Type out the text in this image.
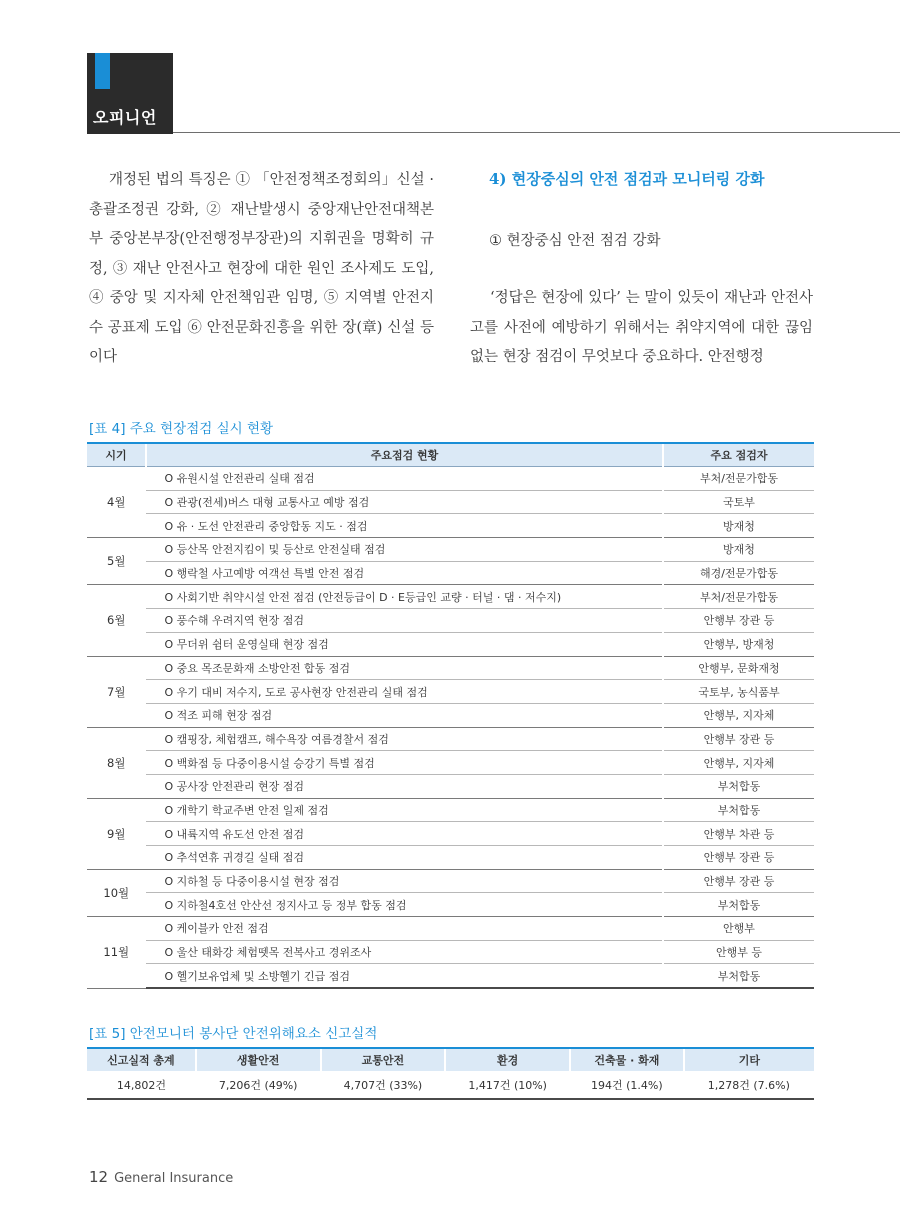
오피니언

개정된 법의 특징은 ① 「안전정책조정회의」신설 · 총괄조정권 강화, ② 재난발생시 중앙재난안전대책본부 중앙본부장(안전행정부장관)의 지휘권을 명확히 규정, ③ 재난 안전사고 현장에 대한 원인 조사제도 도입, ④ 중앙 및 지자체 안전책임관 임명, ⑤ 지역별 안전지수 공표제 도입 ⑥ 안전문화진흥을 위한 장(章) 신설 등이다

4) 현장중심의 안전 점검과 모니터링 강화
① 현장중심 안전 점검 강화

‘정답은 현장에 있다’ 는 말이 있듯이 재난과 안전사고를 사전에 예방하기 위해서는 취약지역에 대한 끊임없는 현장 점검이 무엇보다 중요하다. 안전행정

[표 4] 주요 현장점검 실시 현황
시기	주요점검 현황	주요 점검자
4월	O 유원시설 안전관리 실태 점검	부처/전문가합동
	O 관광(전세)버스 대형 교통사고 예방 점검	국토부
	O 유 · 도선 안전관리 중앙합동 지도 · 점검	방재청
5월	O 등산목 안전지킴이 및 등산로 안전실태 점검	방재청
	O 행락철 사고예방 여객선 특별 안전 점검	해경/전문가합동
6월	O 사회기반 취약시설 안전 점검 (안전등급이 D · E등급인 교량 · 터널 · 댐 · 저수지)	부처/전문가합동
	O 풍수해 우려지역 현장 점검	안행부 장관 등
	O 무더위 쉼터 운영실태 현장 점검	안행부, 방재청
7월	O 중요 목조문화재 소방안전 합동 점검	안행부, 문화재청
	O 우기 대비 저수지, 도로 공사현장 안전관리 실태 점검	국토부, 농식품부
	O 적조 피해 현장 점검	안행부, 지자체
8월	O 캠핑장, 체험캠프, 해수욕장 여름경찰서 점검	안행부 장관 등
	O 백화점 등 다중이용시설 승강기 특별 점검	안행부, 지자체
	O 공사장 안전관리 현장 점검	부처합동
9월	O 개학기 학교주변 안전 일제 점검	부처합동
	O 내륙지역 유도선 안전 점검	안행부 차관 등
	O 추석연휴 귀경길 실태 점검	안행부 장관 등
10월	O 지하철 등 다중이용시설 현장 점검	안행부 장관 등
	O 지하철4호선 안산선 정지사고 등 정부 합동 점검	부처합동
11월	O 케이블카 안전 점검	안행부
	O 울산 태화강 체험뗏목 전복사고 경위조사	안행부 등
	O 헬기보유업체 및 소방헬기 긴급 점검	부처합동
[표 5] 안전모니터 봉사단 안전위해요소 신고실적
신고실적 총계	생활안전	교통안전	환경	건축물 · 화재	기타
14,802건	7,206건 (49%)	4,707건 (33%)	1,417건 (10%)	194건 (1.4%)	1,278건 (7.6%)
12 General Insurance
